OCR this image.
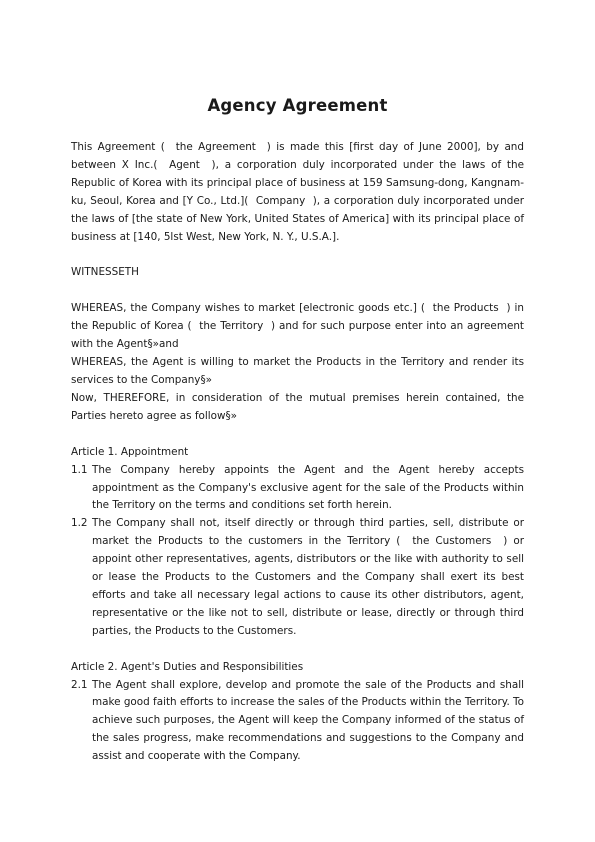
Agency Agreement

This Agreement (  the Agreement  ) is made this [first day of June 2000], by and between X Inc.(  Agent  ), a corporation duly incorporated under the laws of the Republic of Korea with its principal place of business at 159 Samsung-dong, Kangnam-ku, Seoul, Korea and [Y Co., Ltd.](  Company  ), a corporation duly incorporated under the laws of [the state of New York, United States of America] with its principal place of business at [140, 5lst West, New York, N. Y., U.S.A.].

WITNESSETH

WHEREAS, the Company wishes to market [electronic goods etc.] (  the Products  ) in the Republic of Korea (  the Territory  ) and for such purpose enter into an agreement with the Agent§»and

WHEREAS, the Agent is willing to market the Products in the Territory and render its services to the Company§»

Now, THEREFORE, in consideration of the mutual premises herein contained, the Parties hereto agree as follow§»

Article 1. Appointment

1.1 The Company hereby appoints the Agent and the Agent hereby accepts appointment as the Company's exclusive agent for the sale of the Products within the Territory on the terms and conditions set forth herein.
1.2 The Company shall not, itself directly or through third parties, sell, distribute or market the Products to the customers in the Territory (  the Customers  ) or appoint other representatives, agents, distributors or the like with authority to sell or lease the Products to the Customers and the Company shall exert its best efforts and take all necessary legal actions to cause its other distributors, agent, representative or the like not to sell, distribute or lease, directly or through third parties, the Products to the Customers.

Article 2. Agent's Duties and Responsibilities

2.1 The Agent shall explore, develop and promote the sale of the Products and shall make good faith efforts to increase the sales of the Products within the Territory. To achieve such purposes, the Agent will keep the Company informed of the status of the sales progress, make recommendations and suggestions to the Company and assist and cooperate with the Company.
